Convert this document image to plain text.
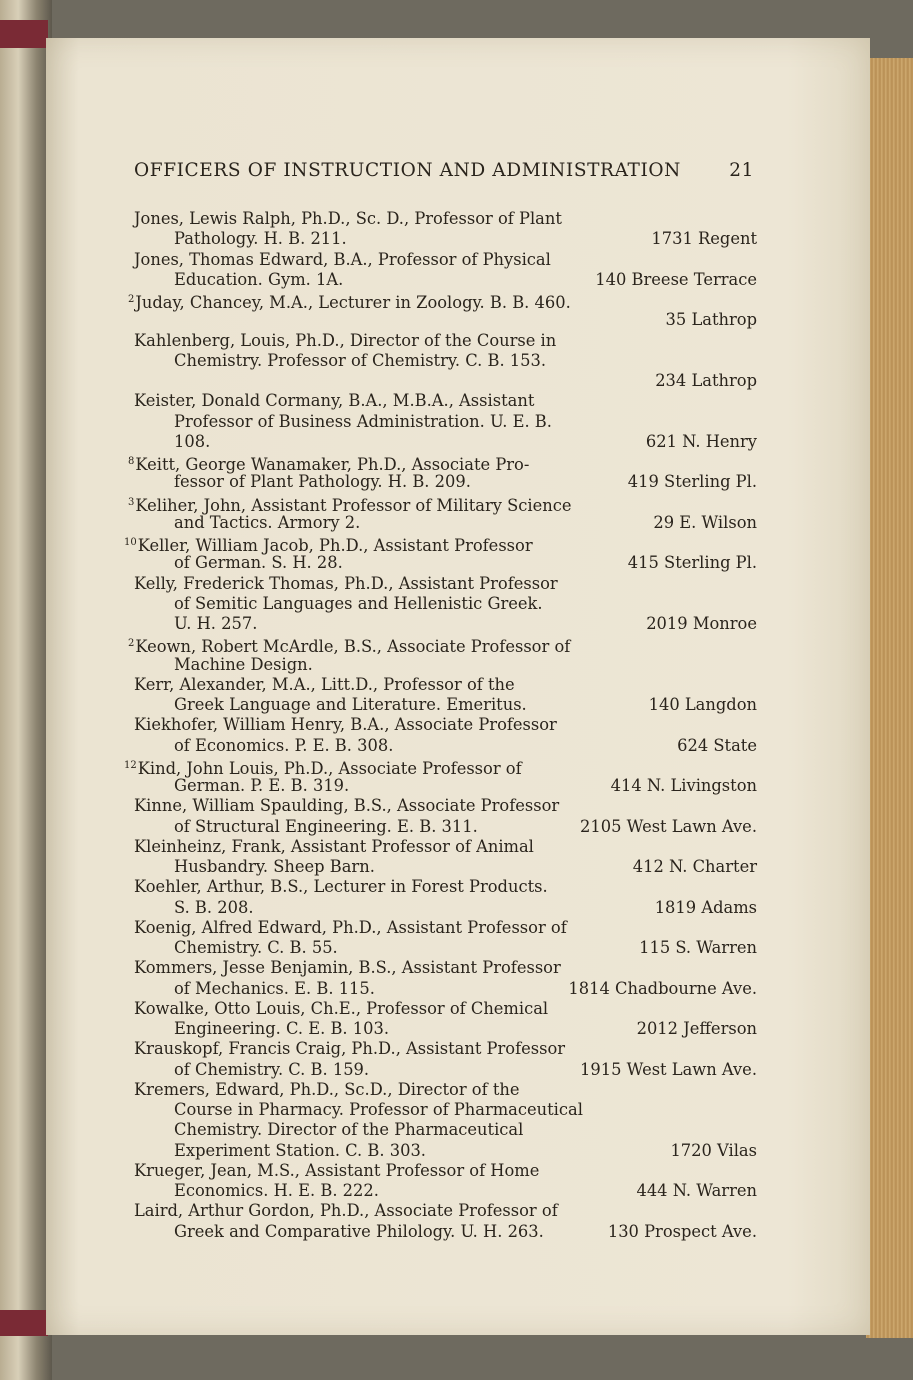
OFFICERS OF INSTRUCTION AND ADMINISTRATION	21
Jones, Lewis Ralph, Ph.D., Sc. D., Professor of Plant
Pathology. H. B. 211.	1731 Regent
Jones, Thomas Edward, B.A., Professor of Physical
Education. Gym. 1A.	140 Breese Terrace
$^2$Juday, Chancey, M.A., Lecturer in Zoology. B. B. 460.
35 Lathrop
Kahlenberg, Louis, Ph.D., Director of the Course in
Chemistry. Professor of Chemistry. C. B. 153.
234 Lathrop
Keister, Donald Cormany, B.A., M.B.A., Assistant
Professor of Business Administration. U. E. B.
108.	621 N. Henry
$^8$Keitt, George Wanamaker, Ph.D., Associate Pro-
fessor of Plant Pathology. H. B. 209.	419 Sterling Pl.
$^3$Keliher, John, Assistant Professor of Military Science
and Tactics. Armory 2.	29 E. Wilson
$^{10}$Keller, William Jacob, Ph.D., Assistant Professor
of German. S. H. 28.	415 Sterling Pl.
Kelly, Frederick Thomas, Ph.D., Assistant Professor
of Semitic Languages and Hellenistic Greek.
U. H. 257.	2019 Monroe
$^2$Keown, Robert McArdle, B.S., Associate Professor of
Machine Design.
Kerr, Alexander, M.A., Litt.D., Professor of the
Greek Language and Literature. Emeritus.	140 Langdon
Kiekhofer, William Henry, B.A., Associate Professor
of Economics. P. E. B. 308.	624 State
$^{12}$Kind, John Louis, Ph.D., Associate Professor of
German. P. E. B. 319.	414 N. Livingston
Kinne, William Spaulding, B.S., Associate Professor
of Structural Engineering. E. B. 311.	2105 West Lawn Ave.
Kleinheinz, Frank, Assistant Professor of Animal
Husbandry. Sheep Barn.	412 N. Charter
Koehler, Arthur, B.S., Lecturer in Forest Products.
S. B. 208.	1819 Adams
Koenig, Alfred Edward, Ph.D., Assistant Professor of
Chemistry. C. B. 55.	115 S. Warren
Kommers, Jesse Benjamin, B.S., Assistant Professor
of Mechanics. E. B. 115.	1814 Chadbourne Ave.
Kowalke, Otto Louis, Ch.E., Professor of Chemical
Engineering. C. E. B. 103.	2012 Jefferson
Krauskopf, Francis Craig, Ph.D., Assistant Professor
of Chemistry. C. B. 159.	1915 West Lawn Ave.
Kremers, Edward, Ph.D., Sc.D., Director of the
Course in Pharmacy. Professor of Pharmaceutical
Chemistry. Director of the Pharmaceutical
Experiment Station. C. B. 303.	1720 Vilas
Krueger, Jean, M.S., Assistant Professor of Home
Economics. H. E. B. 222.	444 N. Warren
Laird, Arthur Gordon, Ph.D., Associate Professor of
Greek and Comparative Philology. U. H. 263.	130 Prospect Ave.
